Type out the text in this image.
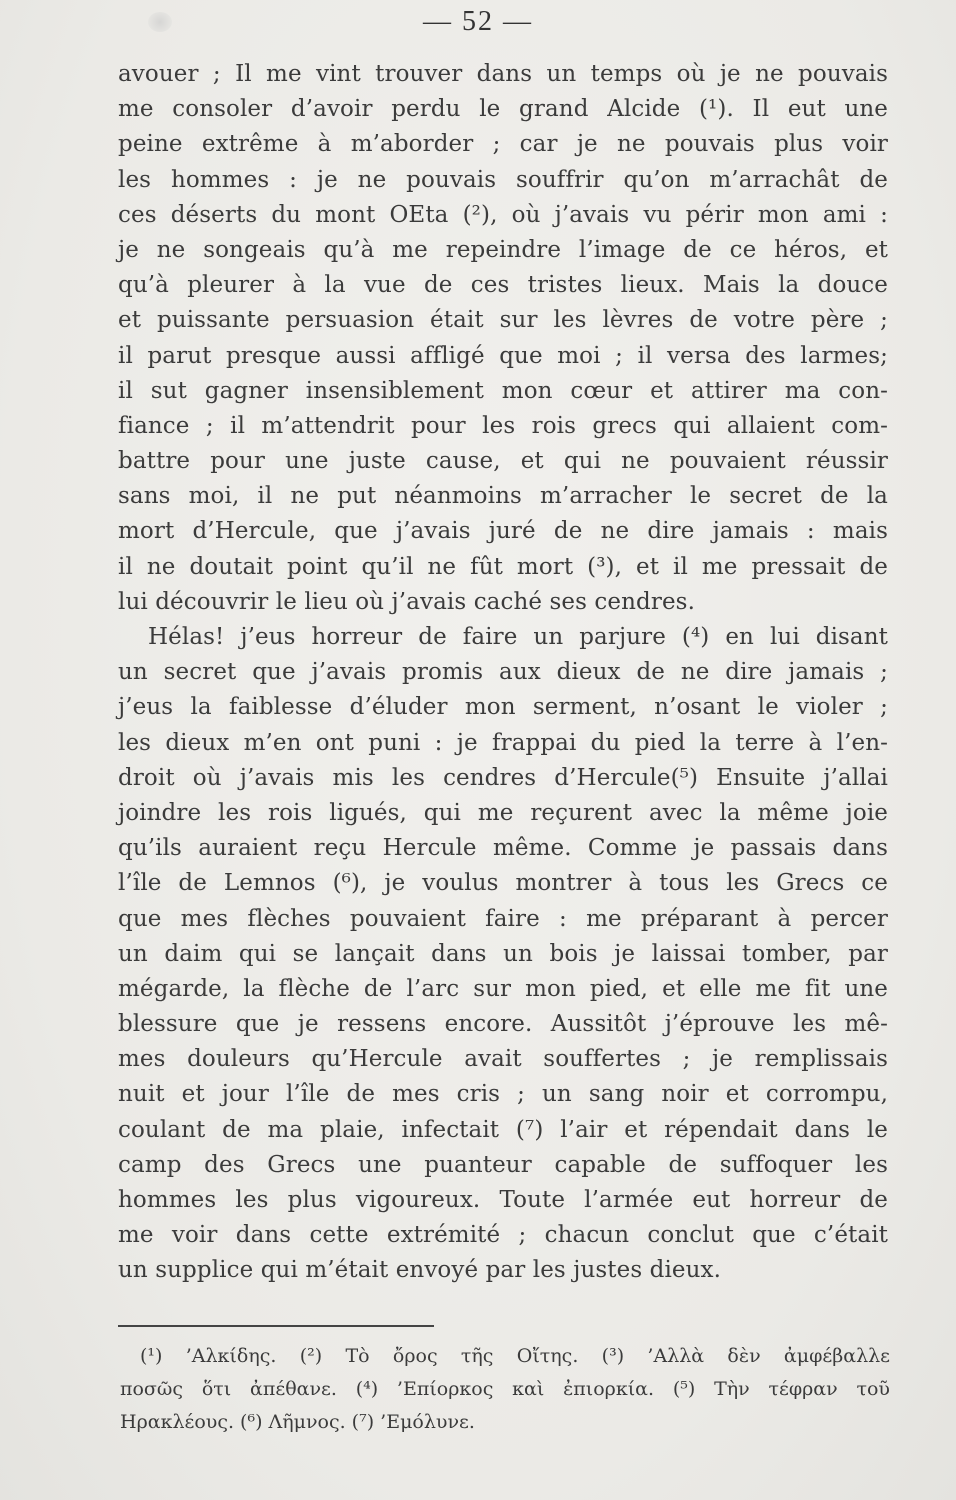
— 52 —
avouer ; Il me vint trouver dans un temps où je ne pouvais
me consoler d’avoir perdu le grand Alcide (¹). Il eut une
peine extrême à m’aborder ; car je ne pouvais plus voir
les hommes : je ne pouvais souffrir qu’on m’arrachât de
ces déserts du mont OEta (²), où j’avais vu périr mon ami :
je ne songeais qu’à me repeindre l’image de ce héros, et
qu’à pleurer à la vue de ces tristes lieux. Mais la douce
et puissante persuasion était sur les lèvres de votre père ;
il parut presque aussi affligé que moi ; il versa des larmes;
il sut gagner insensiblement mon cœur et attirer ma con-
fiance ; il m’attendrit pour les rois grecs qui allaient com-
battre pour une juste cause, et qui ne pouvaient réussir
sans moi, il ne put néanmoins m’arracher le secret de la
mort d’Hercule, que j’avais juré de ne dire jamais : mais
il ne doutait point qu’il ne fût mort (³), et il me pressait de
lui découvrir le lieu où j’avais caché ses cendres.
Hélas! j’eus horreur de faire un parjure (⁴) en lui disant
un secret que j’avais promis aux dieux de ne dire jamais ;
j’eus la faiblesse d’éluder mon serment, n’osant le violer ;
les dieux m’en ont puni : je frappai du pied la terre à l’en-
droit où j’avais mis les cendres d’Hercule(⁵) Ensuite j’allai
joindre les rois ligués, qui me reçurent avec la même joie
qu’ils auraient reçu Hercule même. Comme je passais dans
l’île de Lemnos (⁶), je voulus montrer à tous les Grecs ce
que mes flèches pouvaient faire : me préparant à percer
un daim qui se lançait dans un bois je laissai tomber, par
mégarde, la flèche de l’arc sur mon pied, et elle me fit une
blessure que je ressens encore. Aussitôt j’éprouve les mê-
mes douleurs qu’Hercule avait souffertes ; je remplissais
nuit et jour l’île de mes cris ; un sang noir et corrompu,
coulant de ma plaie, infectait (⁷) l’air et répendait dans le
camp des Grecs une puanteur capable de suffoquer les
hommes les plus vigoureux. Toute l’armée eut horreur de
me voir dans cette extrémité ; chacun conclut que c’était
un supplice qui m’était envoyé par les justes dieux.
(¹) ’Αλκίδης. (²) Τὸ ὄρος τῆς Οἴτης. (³) ’Αλλὰ δὲν ἀμφέβαλλε
ποσῶς ὅτι ἀπέθανε. (⁴) ’Επίορκος καὶ ἐπιορκία. (⁵) Τὴν τέφραν τοῦ
Ηρακλέους. (⁶) Λῆμνος. (⁷) ’Εμόλυνε.
